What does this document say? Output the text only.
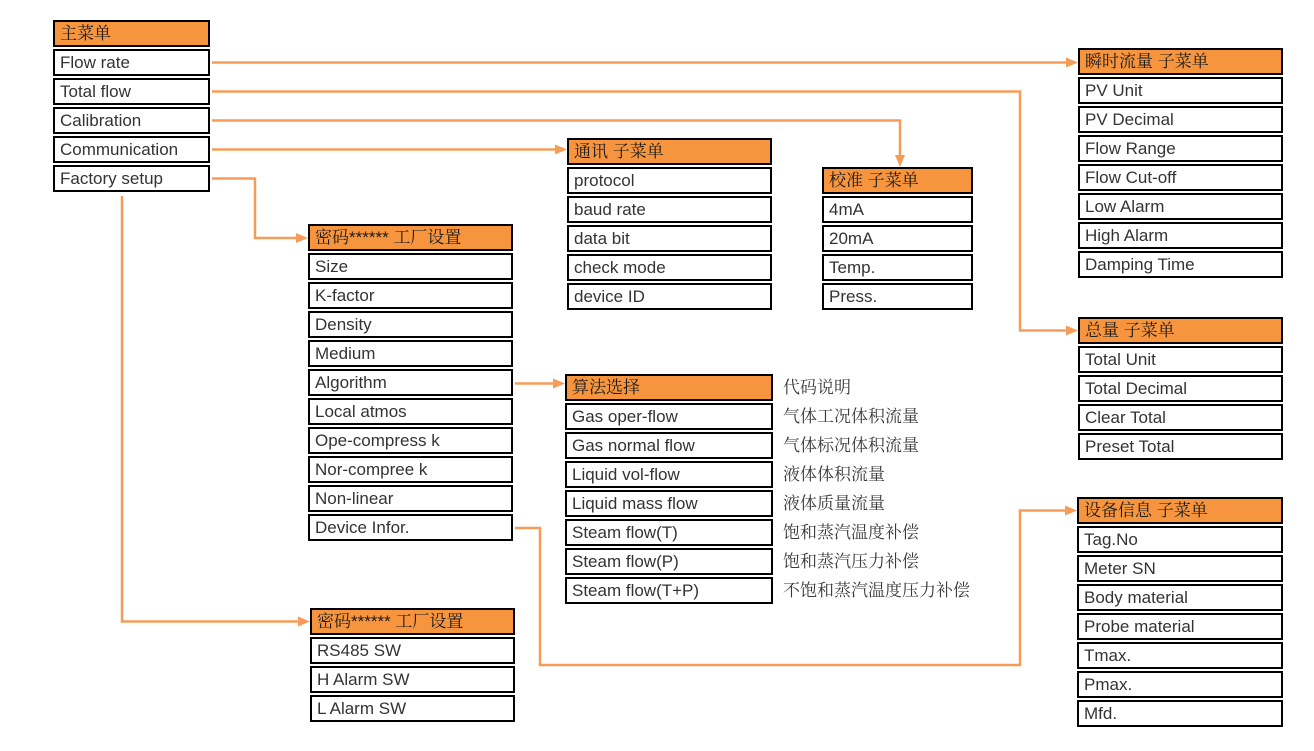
主菜单
Flow rate
Total flow
Calibration
Communication
Factory setup
瞬时流量 子菜单
PV Unit
PV Decimal
Flow Range
Flow Cut-off
Low Alarm
High Alarm
Damping Time
通讯 子菜单
protocol
baud rate
data bit
check mode
device ID
校准 子菜单
4mA
20mA
Temp.
Press.
密码****** 工厂设置
Size
K-factor
Density
Medium
Algorithm
Local atmos
Ope-compress k
Nor-compree k
Non-linear
Device Infor.
算法选择
Gas oper-flow
Gas normal flow
Liquid vol-flow
Liquid mass flow
Steam flow(T)
Steam flow(P)
Steam flow(T+P)
代码说明
气体工况体积流量
气体标况体积流量
液体体积流量
液体质量流量
饱和蒸汽温度补偿
饱和蒸汽压力补偿
不饱和蒸汽温度压力补偿
总量 子菜单
Total Unit
Total Decimal
Clear Total
Preset Total
设备信息 子菜单
Tag.No
Meter SN
Body material
Probe material
Tmax.
Pmax.
Mfd.
密码****** 工厂设置
RS485 SW
H Alarm SW
L Alarm SW
